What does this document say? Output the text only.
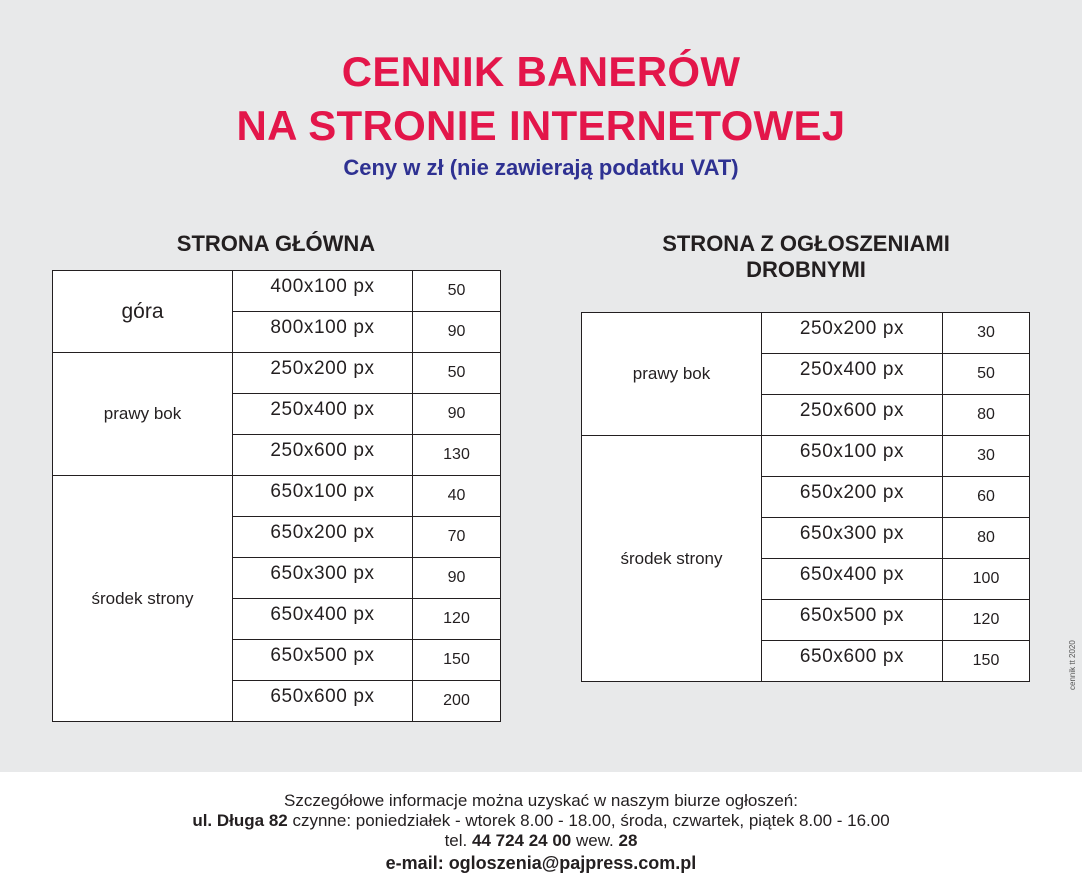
CENNIK BANERÓW
NA STRONIE INTERNETOWEJ
Ceny w zł (nie zawierają podatku VAT)
STRONA GŁÓWNA	STRONA Z OGŁOSZENIAMI
DROBNYMI
góra	400x100 px	50
	800x100 px	90
prawy bok	250x200 px	50
	250x400 px	90
	250x600 px	130
środek strony	650x100 px	40
	650x200 px	70
	650x300 px	90
	650x400 px	120
	650x500 px	150
	650x600 px	200
prawy bok	250x200 px	30
	250x400 px	50
	250x600 px	80
środek strony	650x100 px	30
	650x200 px	60
	650x300 px	80
	650x400 px	100
	650x500 px	120
	650x600 px	150	cennik tt 2020
Szczegółowe informacje można uzyskać w naszym biurze ogłoszeń:
ul. Długa 82 czynne: poniedziałek - wtorek 8.00 - 18.00, środa, czwartek, piątek 8.00 - 16.00
tel. 44 724 24 00 wew. 28
e-mail: ogloszenia@pajpress.com.pl
